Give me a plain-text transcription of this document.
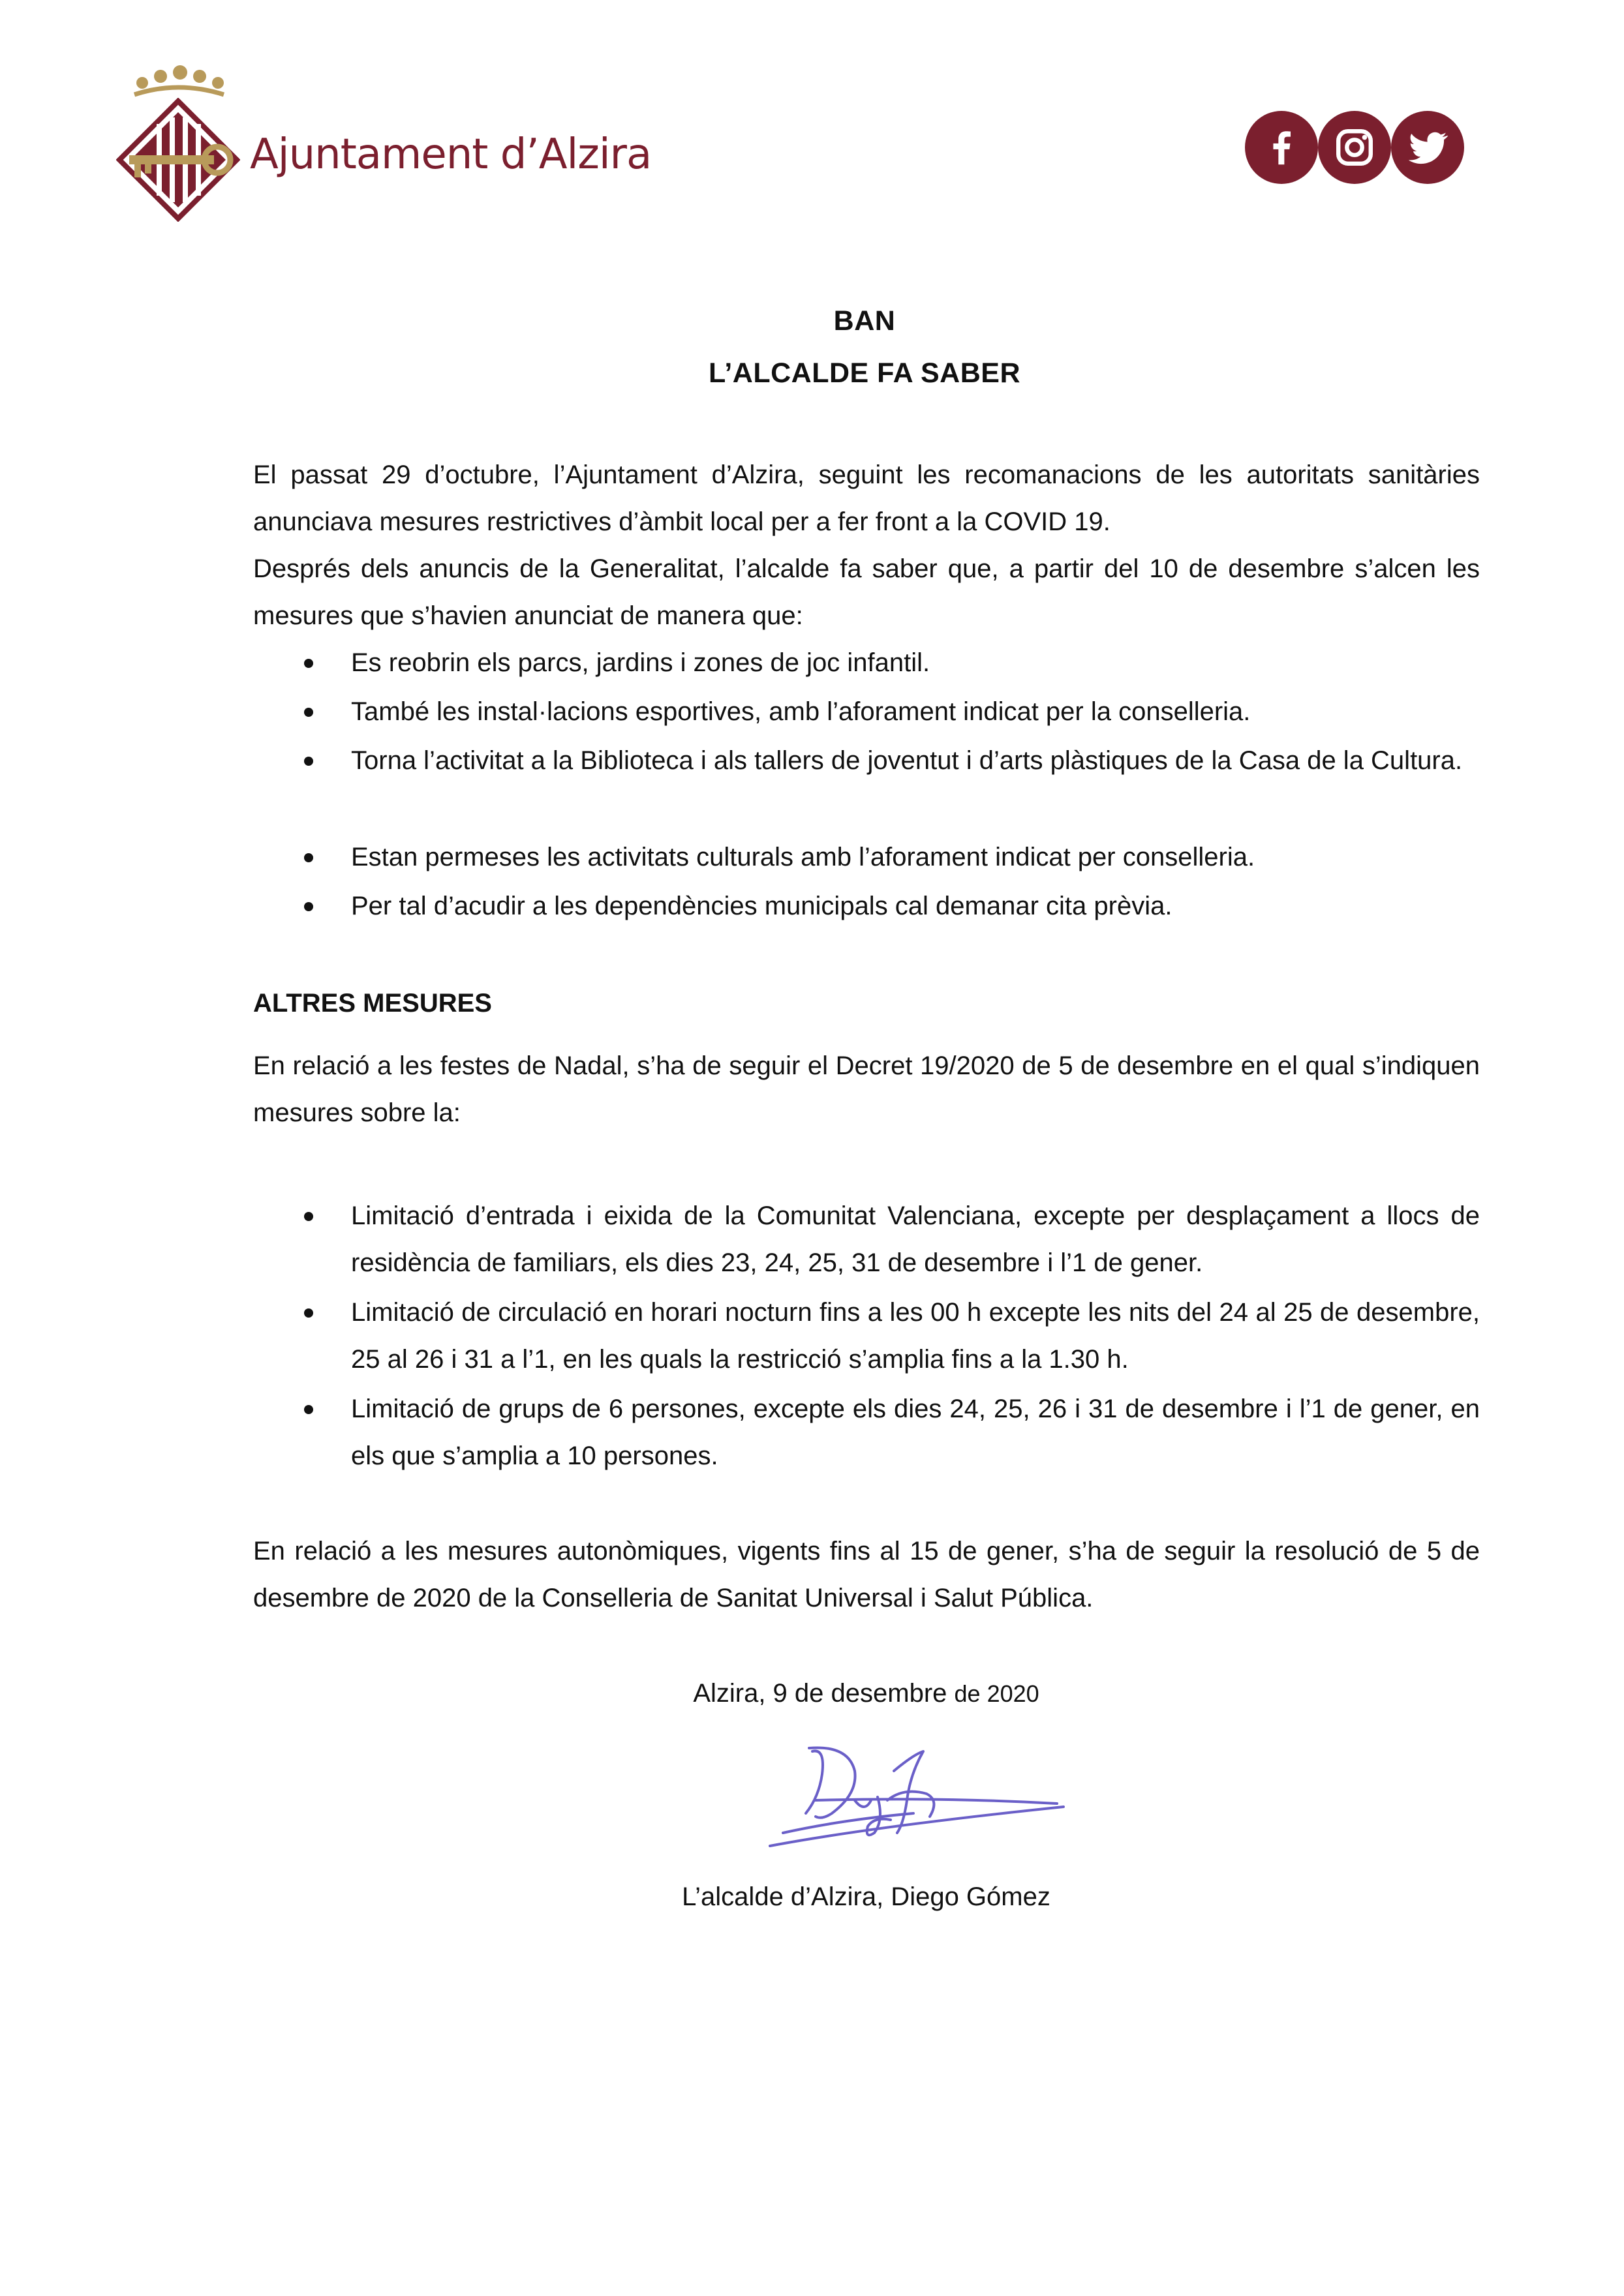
Ajuntament d’Alzira
BAN
L’ALCALDE FA SABER

El passat 29 d’octubre, l’Ajuntament d’Alzira, seguint les recomanacions de les autoritats sanitàries anunciava mesures restrictives d’àmbit local per a fer front a la COVID 19.

Després dels anuncis de la Generalitat, l’alcalde fa saber que, a partir del 10 de desembre s’alcen les mesures que s’havien anunciat de manera que:

Es reobrin els parcs, jardins i zones de joc infantil.
També les instal·lacions esportives, amb l’aforament indicat per la conselleria.
Torna l’activitat a la Biblioteca i als tallers de joventut i d’arts plàstiques de la Casa de la Cultura.
Estan permeses les activitats culturals amb l’aforament indicat per conselleria.
Per tal d’acudir a les dependències municipals cal demanar cita prèvia.
ALTRES MESURES

En relació a les festes de Nadal, s’ha de seguir el Decret 19/2020 de 5 de desembre en el qual s’indiquen mesures sobre la:

Limitació d’entrada i eixida de la Comunitat Valenciana, excepte per desplaçament a llocs de residència de familiars, els dies 23, 24, 25, 31 de desembre i l’1 de gener.
Limitació de circulació en horari nocturn fins a les 00 h excepte les nits del 24 al 25 de desembre, 25 al 26 i 31 a l’1, en les quals la restricció s’amplia fins a la 1.30 h.
Limitació de grups de 6 persones, excepte els dies 24, 25, 26 i 31 de desembre i l’1 de gener, en els que s’amplia a 10 persones.

En relació a les mesures autonòmiques, vigents fins al 15 de gener, s’ha de seguir la resolució de 5 de desembre de 2020 de la Conselleria de Sanitat Universal i Salut Pública.

Alzira, 9 de desembre de 2020
L’alcalde d’Alzira, Diego Gómez
